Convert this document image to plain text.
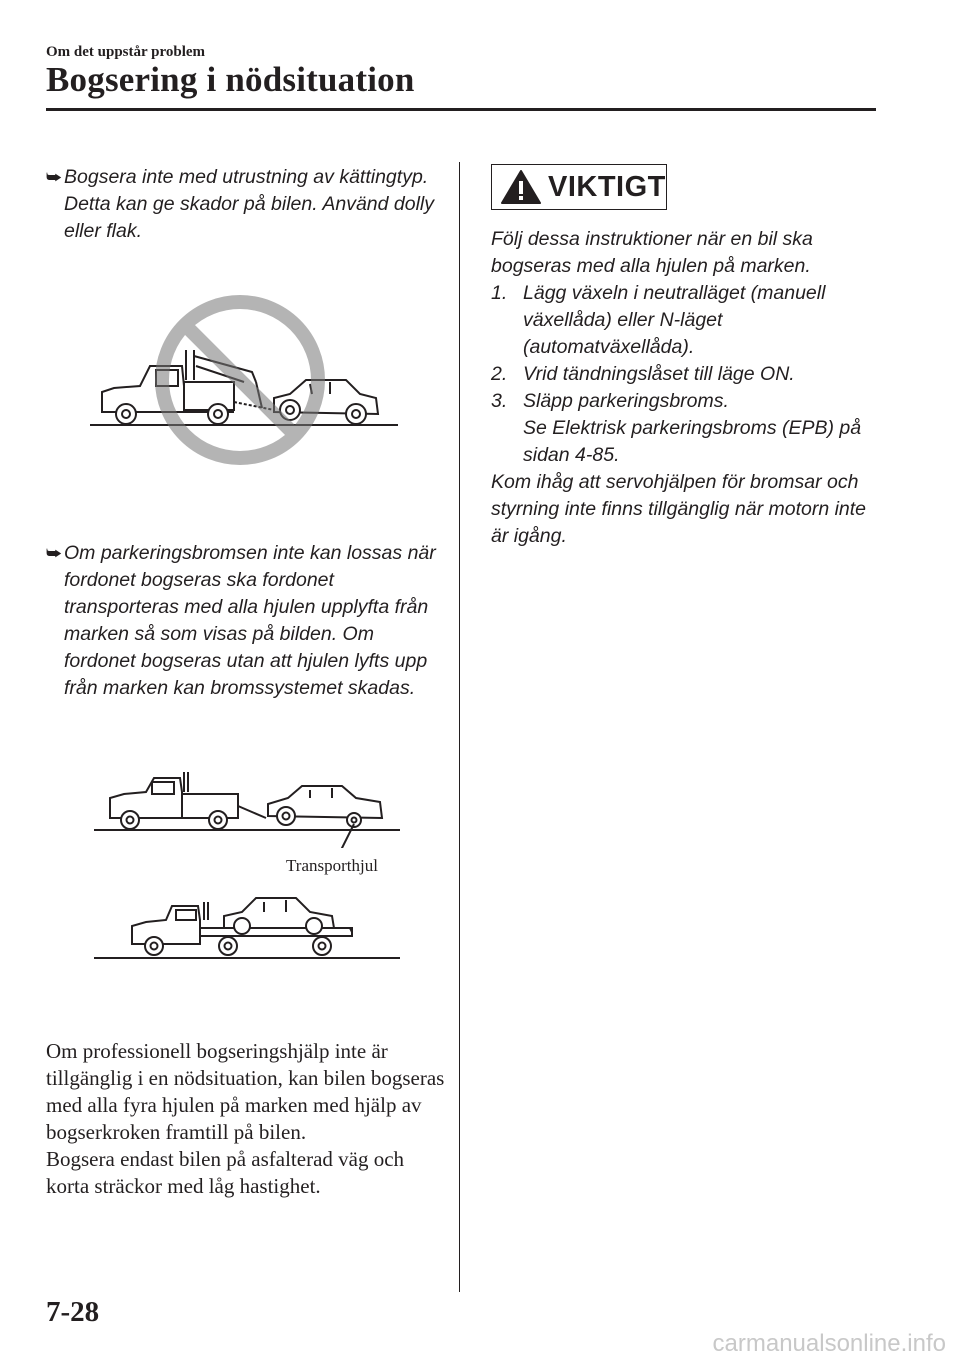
Om det uppstår problem
Bogsering i nödsituation
⮩ Bogsera inte med utrustning av kättingtyp. Detta kan ge skador på bilen. Använd dolly eller flak.
⮩ Om parkeringsbromsen inte kan lossas när fordonet bogseras ska fordonet transporteras med alla hjulen upplyfta från marken så som visas på bilden. Om fordonet bogseras utan att hjulen lyfts upp från marken kan bromssystemet skadas.
Transporthjul

Om professionell bogseringshjälp inte är tillgänglig i en nödsituation, kan bilen bogseras med alla fyra hjulen på marken med hjälp av bogserkroken framtill på bilen.

Bogsera endast bilen på asfalterad väg och korta sträckor med låg hastighet.

VIKTIGT

Följ dessa instruktioner när en bil ska bogseras med alla hjulen på marken.

1. Lägg växeln i neutralläget (manuell växellåda) eller N-läget (automatväxellåda).
2. Vrid tändningslåset till läge ON.
3. Släpp parkeringsbroms.
Se Elektrisk parkeringsbroms (EPB) på sidan 4-85.

Kom ihåg att servohjälpen för bromsar och styrning inte finns tillgänglig när motorn inte är igång.

7-28
carmanualsonline.info
